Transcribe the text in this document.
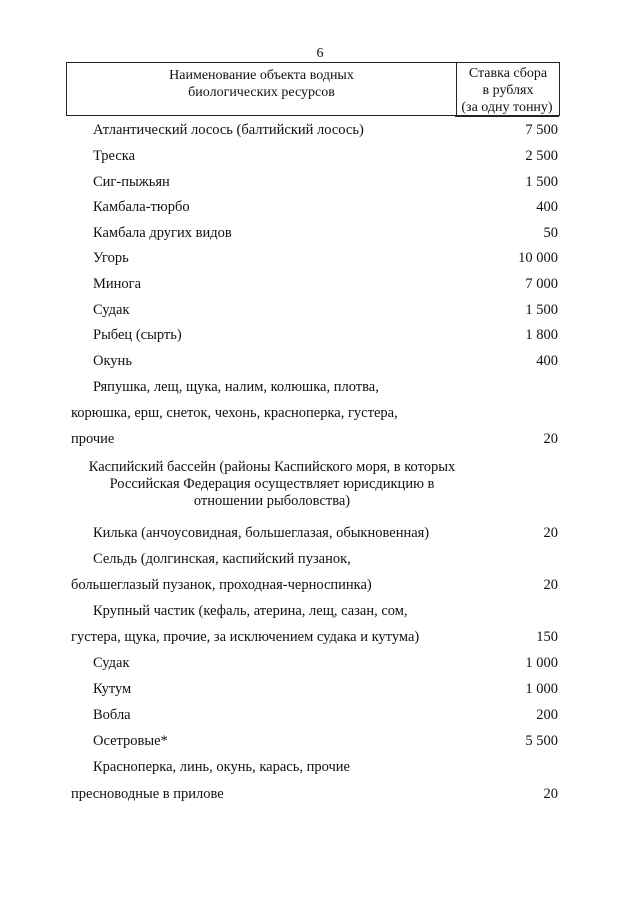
6
Наименование объекта водных
биологических ресурсов
Ставка сбора
в рублях
(за одну тонну)
Атлантический лосось (балтийский лосось)	7 500
Треска	2 500
Сиг-пыжьян	1 500
Камбала-тюрбо	400
Камбала других видов	50
Угорь	10 000
Минога	7 000
Судак	1 500
Рыбец (сырть)	1 800
Окунь	400
Ряпушка, лещ, щука, налим, колюшка, плотва,
корюшка, ерш, снеток, чехонь, красноперка, густера,
прочие	20
Каспийский бассейн (районы Каспийского моря, в которых
Российская Федерация осуществляет юрисдикцию в
отношении рыболовства)
Килька (анчоусовидная, большеглазая, обыкновенная)	20
Сельдь (долгинская, каспийский пузанок,
большеглазый пузанок, проходная-черноспинка)	20
Крупный частик (кефаль, атерина, лещ, сазан, сом,
густера, щука, прочие, за исключением судака и кутума)	150
Судак	1 000
Кутум	1 000
Вобла	200
Осетровые*	5 500
Красноперка, линь, окунь, карась, прочие
пресноводные в прилове	20
